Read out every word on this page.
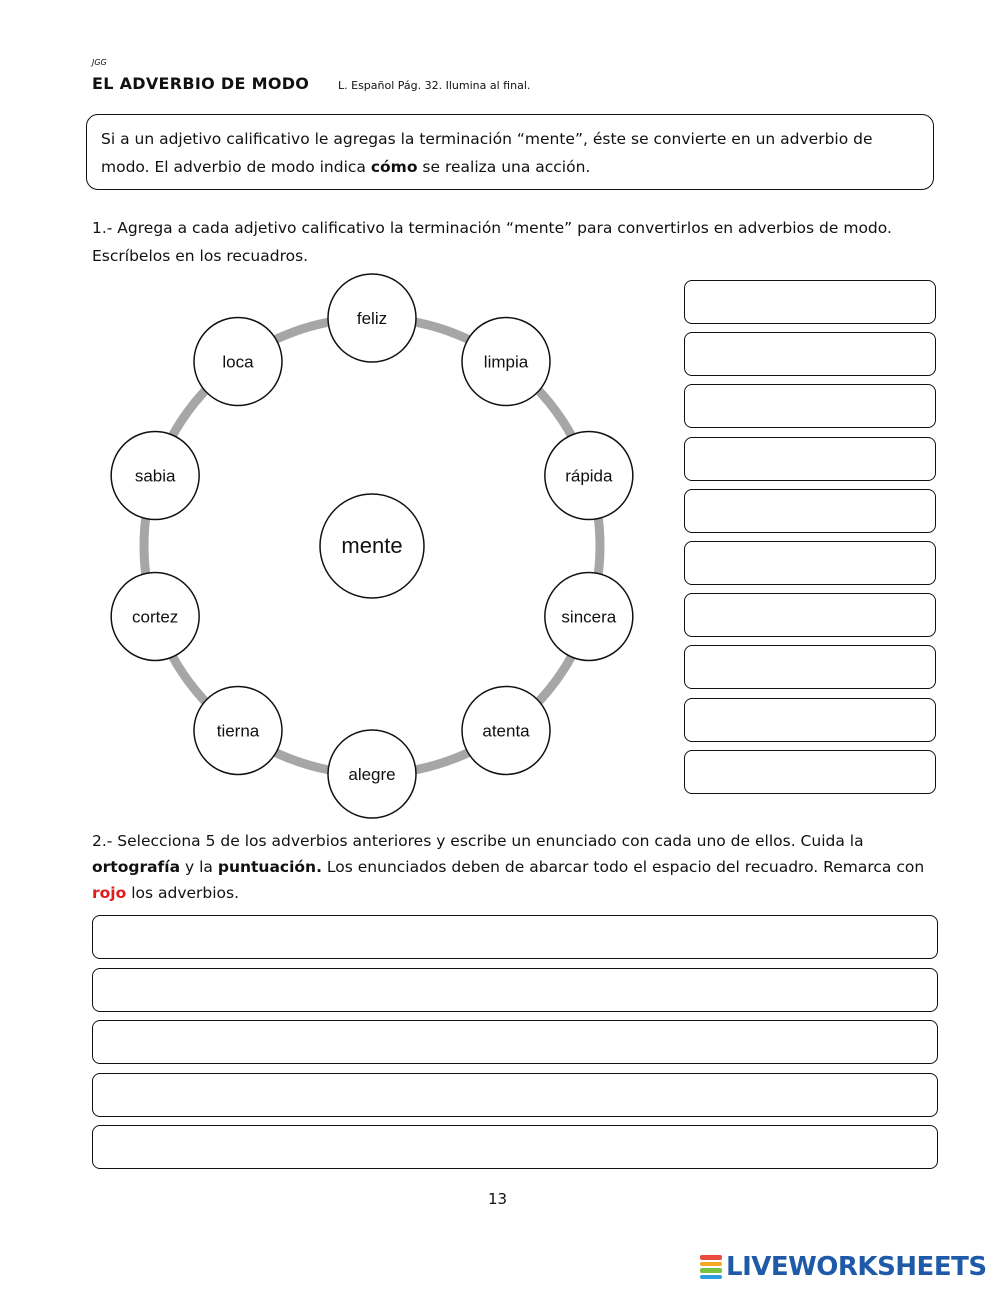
JGG
EL ADVERBIO DE MODO	L. Español Pág. 32. Ilumina al final.
Si a un adjetivo calificativo le agregas la terminación “mente”, éste se convierte en un adverbio de modo. El adverbio de modo indica cómo se realiza una acción.
1.- Agrega a cada adjetivo calificativo la terminación “mente” para convertirlos en adverbios de modo. Escríbelos en los recuadros.
feliz
limpia
rápida
sincera
atenta
alegre
tierna
cortez
sabia
loca
mente
2.- Selecciona 5 de los adverbios anteriores y escribe un enunciado con cada uno de ellos. Cuida la ortografía y la puntuación. Los enunciados deben de abarcar todo el espacio del recuadro. Remarca con rojo los adverbios.
13
LIVEWORKSHEETS
